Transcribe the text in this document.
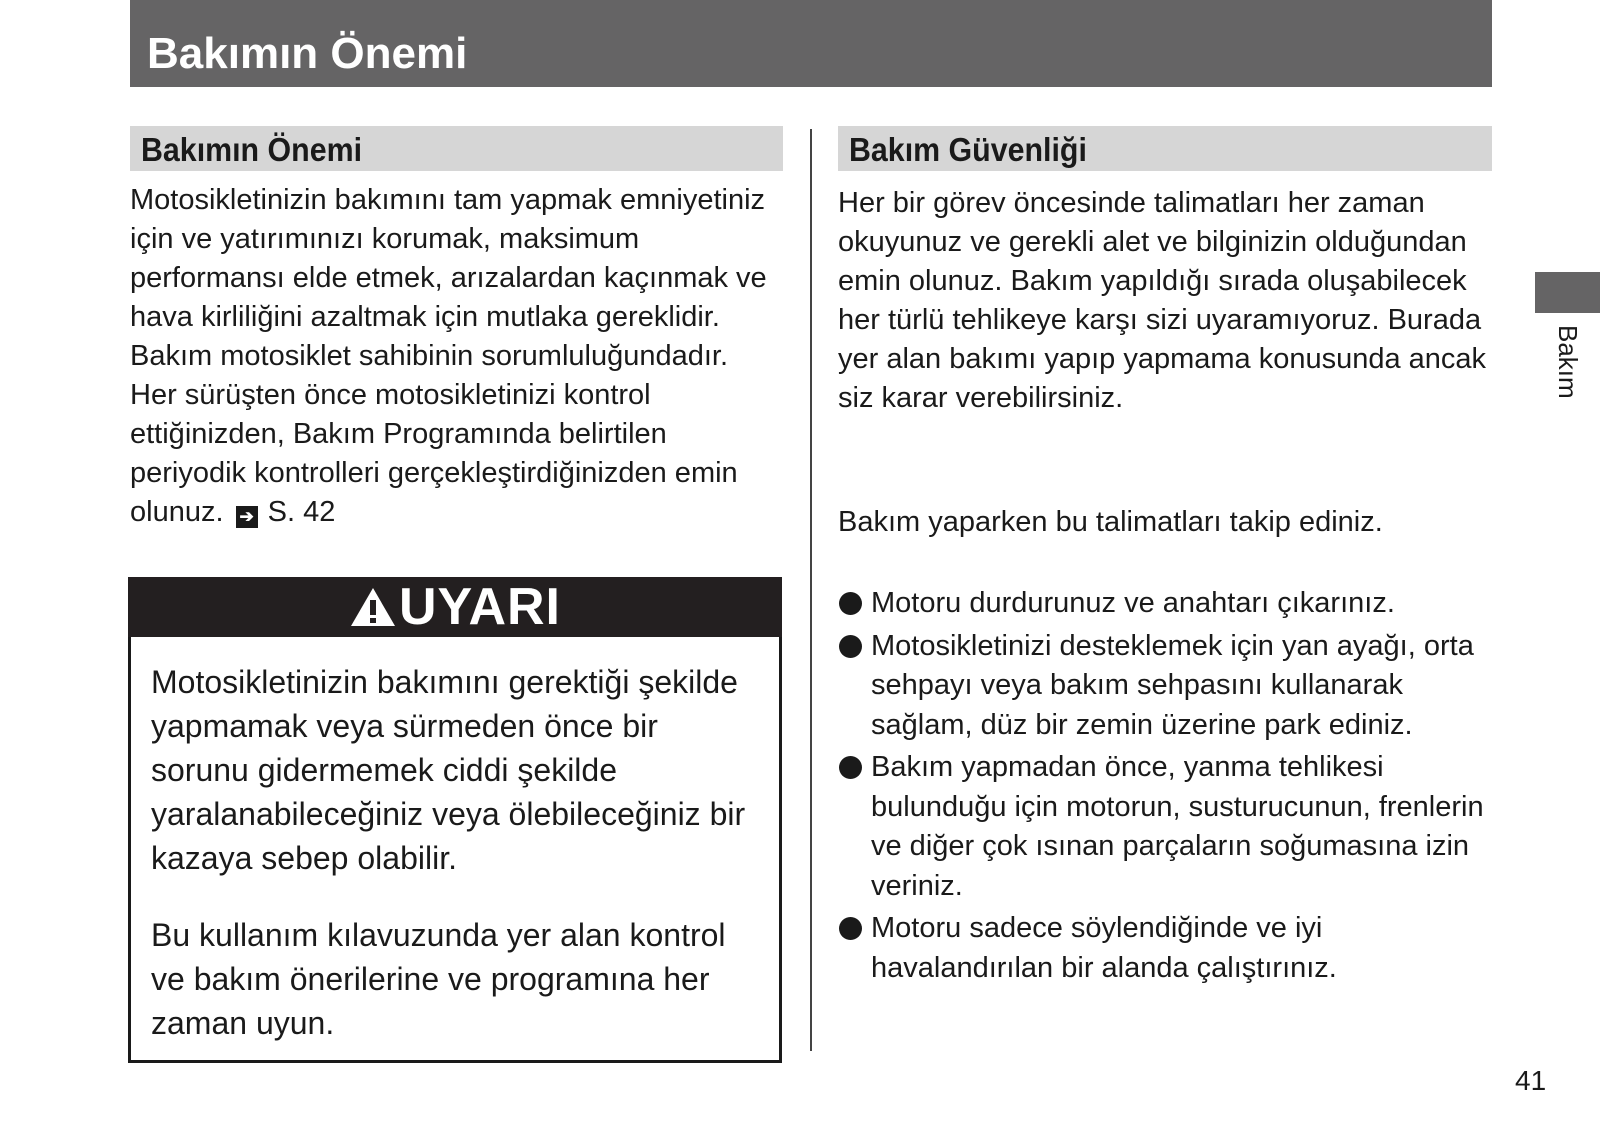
Bakımın Önemi
Bakımın Önemi

Motosikletinizin bakımını tam yapmak emniyetiniz için ve yatırımınızı korumak, maksimum performansı elde etmek, arızalardan kaçınmak ve hava kirliliğini azaltmak için mutlaka gereklidir. Bakım motosiklet sahibinin sorumluluğundadır. Her sürüşten önce motosikletinizi kontrol ettiğinizden, Bakım Programında belirtilen periyodik kontrolleri gerçekleştirdiğinizden emin olunuz. ➔ S. 42

UYARI

Motosikletinizin bakımını gerektiği şekilde yapmamak veya sürmeden önce bir sorunu gidermemek ciddi şekilde yaralanabileceğiniz veya ölebileceğiniz bir kazaya sebep olabilir.

Bu kullanım kılavuzunda yer alan kontrol ve bakım önerilerine ve programına her zaman uyun.

Bakım Güvenliği

Her bir görev öncesinde talimatları her zaman okuyunuz ve gerekli alet ve bilginizin olduğundan emin olunuz. Bakım yapıldığı sırada oluşabilecek her türlü tehlikeye karşı sizi uyaramıyoruz. Burada yer alan bakımı yapıp yapmama konusunda ancak siz karar verebilirsiniz.

Bakım yaparken bu talimatları takip ediniz.

Motoru durdurunuz ve anahtarı çıkarınız.
Motosikletinizi desteklemek için yan ayağı, orta sehpayı veya bakım sehpasını kullanarak sağlam, düz bir zemin üzerine park ediniz.
Bakım yapmadan önce, yanma tehlikesi bulunduğu için motorun, susturucunun, frenlerin ve diğer çok ısınan parçaların soğumasına izin veriniz.
Motoru sadece söylendiğinde ve iyi havalandırılan bir alanda çalıştırınız.
Bakım
41
